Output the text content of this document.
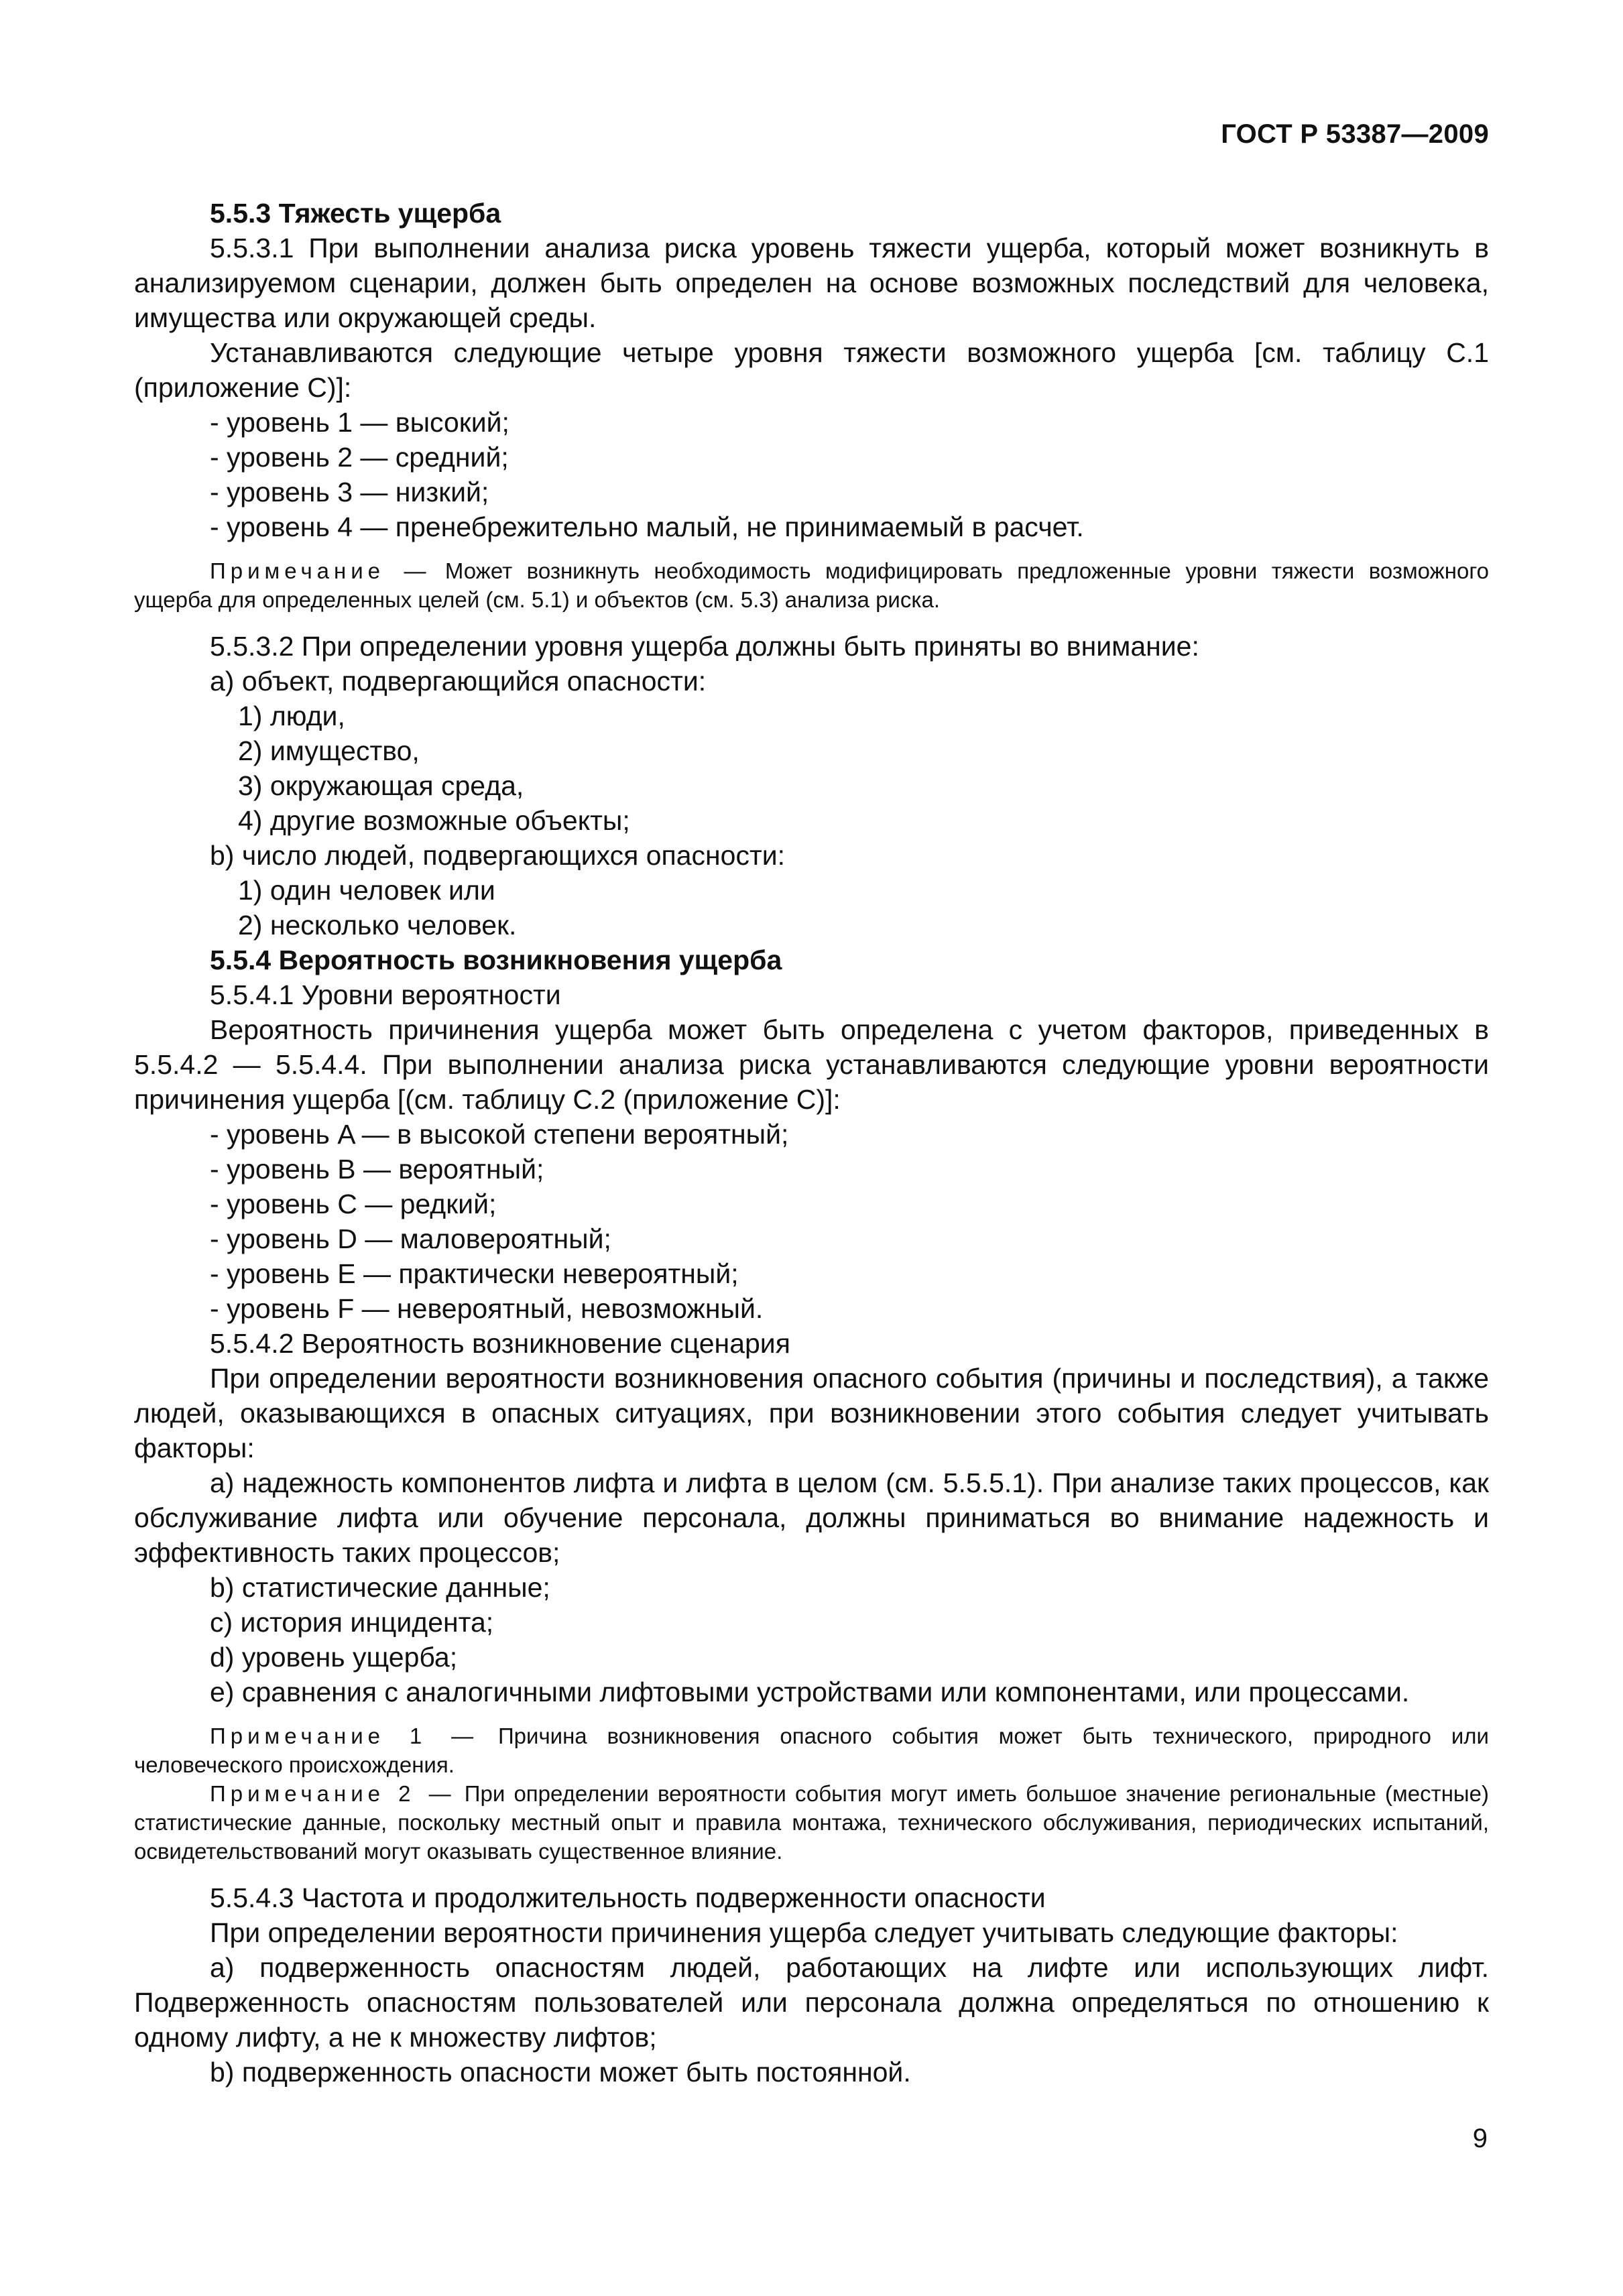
ГОСТ Р 53387—2009

5.5.3 Тяжесть ущерба

5.5.3.1 При выполнении анализа риска уровень тяжести ущерба, который может возникнуть в анализируемом сценарии, должен быть определен на основе возможных последствий для человека, имущества или окружающей среды.

Устанавливаются следующие четыре уровня тяжести возможного ущерба [см. таблицу С.1 (приложение С)]:

- уровень 1 — высокий;

- уровень 2 — средний;

- уровень 3 — низкий;

- уровень 4 — пренебрежительно малый, не принимаемый в расчет.

Примечание — Может возникнуть необходимость модифицировать предложенные уровни тяжести возможного ущерба для определенных целей (см. 5.1) и объектов (см. 5.3) анализа риска.

5.5.3.2 При определении уровня ущерба должны быть приняты во внимание:

a) объект, подвергающийся опасности:

1) люди,

2) имущество,

3) окружающая среда,

4) другие возможные объекты;

b) число людей, подвергающихся опасности:

1) один человек или

2) несколько человек.

5.5.4 Вероятность возникновения ущерба

5.5.4.1 Уровни вероятности

Вероятность причинения ущерба может быть определена с учетом факторов, приведенных в 5.5.4.2 — 5.5.4.4. При выполнении анализа риска устанавливаются следующие уровни вероятности причинения ущерба [(см. таблицу С.2 (приложение С)]:

- уровень A — в высокой степени вероятный;

- уровень B — вероятный;

- уровень C — редкий;

- уровень D — маловероятный;

- уровень E — практически невероятный;

- уровень F — невероятный, невозможный.

5.5.4.2 Вероятность возникновение сценария

При определении вероятности возникновения опасного события (причины и последствия), а также людей, оказывающихся в опасных ситуациях, при возникновении этого события следует учитывать факторы:

a) надежность компонентов лифта и лифта в целом (см. 5.5.5.1). При анализе таких процессов, как обслуживание лифта или обучение персонала, должны приниматься во внимание надежность и эффективность таких процессов;

b) статистические данные;

c) история инцидента;

d) уровень ущерба;

e) сравнения с аналогичными лифтовыми устройствами или компонентами, или процессами.

Примечание 1 — Причина возникновения опасного события может быть технического, природного или человеческого происхождения.

Примечание 2 — При определении вероятности события могут иметь большое значение региональные (местные) статистические данные, поскольку местный опыт и правила монтажа, технического обслуживания, периодических испытаний, освидетельствований могут оказывать существенное влияние.

5.5.4.3 Частота и продолжительность подверженности опасности

При определении вероятности причинения ущерба следует учитывать следующие факторы:

a) подверженность опасностям людей, работающих на лифте или использующих лифт. Подверженность опасностям пользователей или персонала должна определяться по отношению к одному лифту, а не к множеству лифтов;

b) подверженность опасности может быть постоянной.

9
